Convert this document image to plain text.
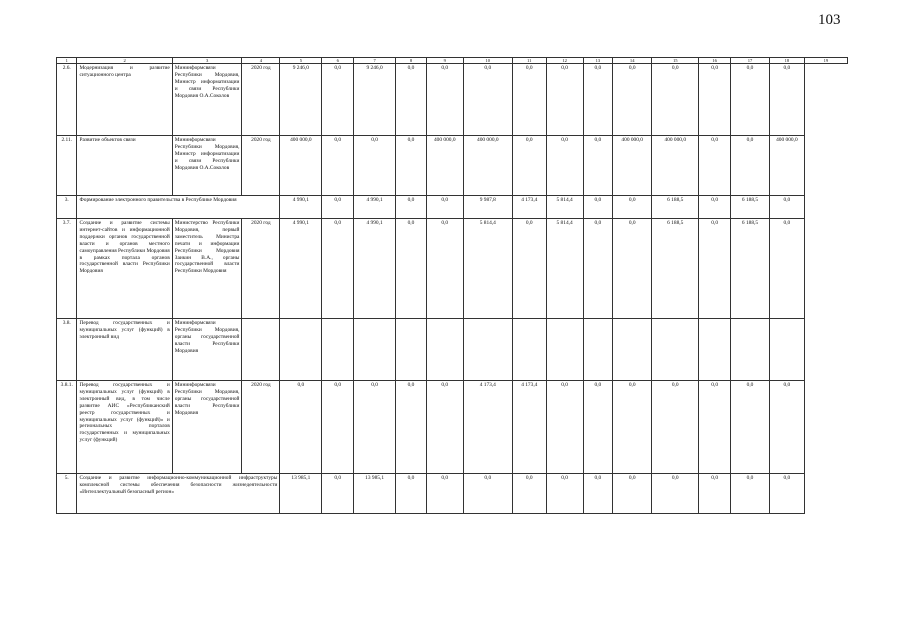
103
1	2	3	4	5	6	7	8	9	10	11	12	13	14	15	16	17	18	19
2.6.	Модернизация и развитие ситуационного центра	Мининформсвязи Республики Мордовия, Министр информатизации и связи Республики Мордовия О.А.Соколов	2020 год	9 246,0	0,0	9 246,0	0,0	0,0	0,0	0,0	0,0	0,0	0,0	0,0	0,0	0,0	0,0	
2.11.	Развитие объектов связи	Мининформсвязи Республики Мордовия, Министр информатизации и связи Республики Мордовия О.А.Соколов	2020 год	400 000,0	0,0	0,0	0,0	400 000,0	400 000,0	0,0	0,0	0,0	400 000,0	400 000,0	0,0	0,0	400 000,0	
3.	Формирование электронного правительства в Республике Мордовия			4 990,1	0,0	4 990,1	0,0	0,0	9 987,8	4 173,4	5 814,4	0,0	0,0	6 188,5	0,0	6 188,5	0,0	
3.7.	Создание и развитие системы интернет-сайтов и информационной поддержки органов государственной власти и органов местного самоуправления Республики Мордовия в рамках портала органов государственной власти Республики Мордовия	Министерство Республики Мордовия, первый заместитель Министра печати и информации Республики Мордовия Заикин В.А., органы государственной власти Республики Мордовия	2020 год	4 990,1	0,0	4 990,1	0,0	0,0	5 814,4	0,0	5 814,4	0,0	0,0	6 188,5	0,0	6 188,5	0,0	
3.8.	Перевод государственных и муниципальных услуг (функций) в электронный вид	Мининформсвязи Республики Мордовия, органы государственной власти Республики Мордовия																
3.8.1.	Перевод государственных и муниципальных услуг (функций) в электронный вид, в том числе развитие АИС «Республиканский реестр государственных и муниципальных услуг (функций)» и региональных порталов государственных и муниципальных услуг (функций)	Мининформсвязи Республики Мордовия, органы государственной власти Республики Мордовия	2020 год	0,0	0,0	0,0	0,0	0,0	4 173,4	4 173,4	0,0	0,0	0,0	0,0	0,0	0,0	0,0	
5.	Создание и развитие информационно-коммуникационной инфраструктуры комплексной системы обеспечения безопасности жизнедеятельности «Интеллектуальный безопасный регион»			13 985,1	0,0	13 985,1	0,0	0,0	0,0	0,0	0,0	0,0	0,0	0,0	0,0	0,0	0,0	
